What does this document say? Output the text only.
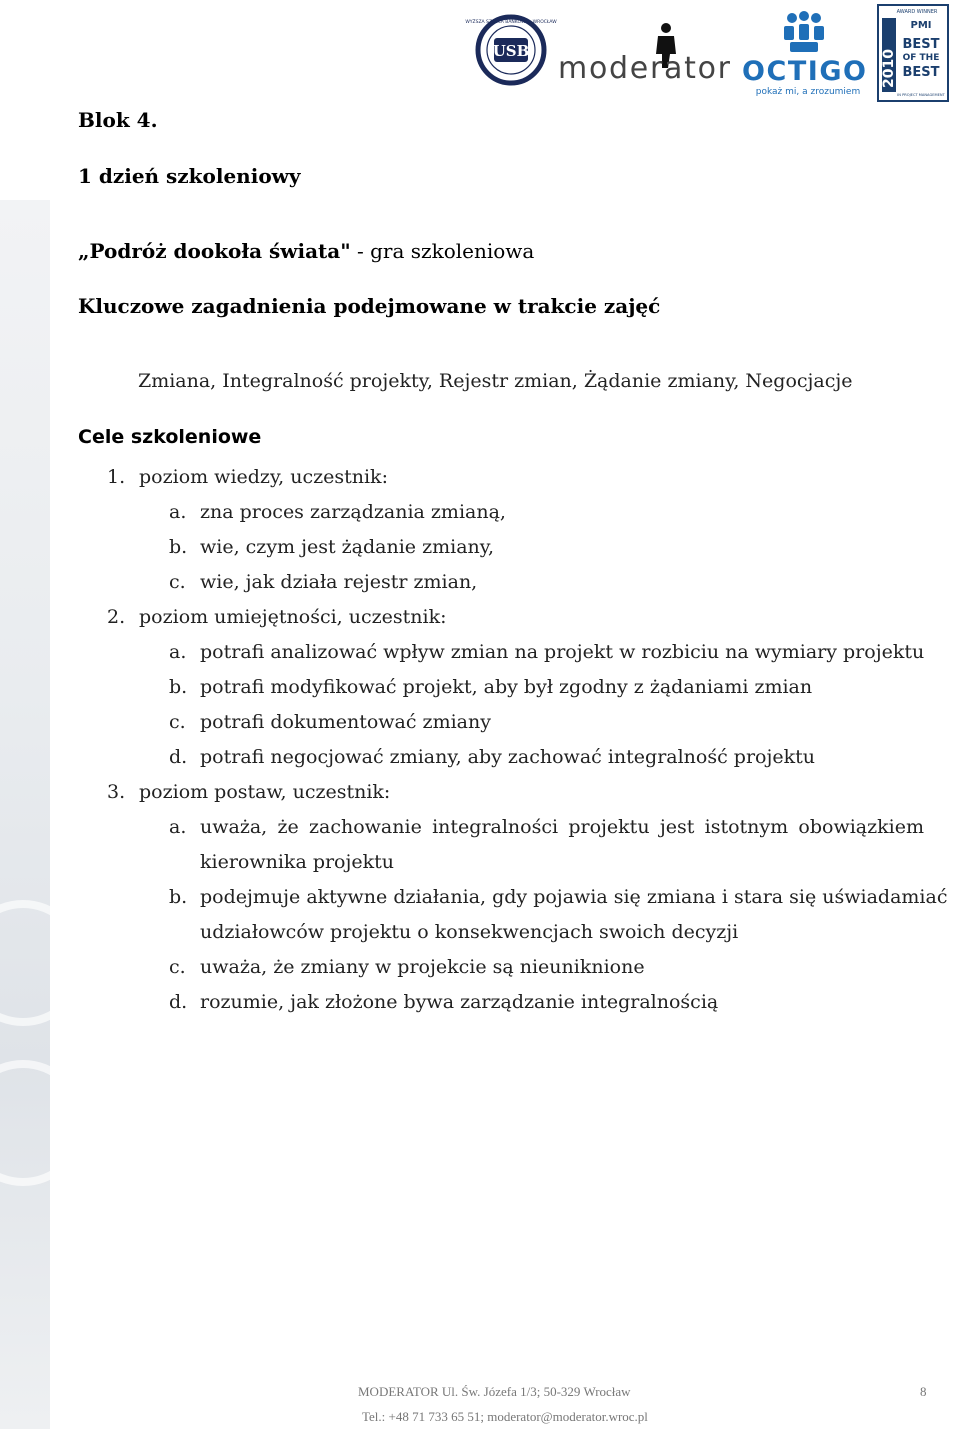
WYŻSZA SZKOŁA BANKOWA · WROCŁAW
USB moderator OCTIGO
pokaż mi, a zrozumiem
AWARD WINNER
2010
PMI
BEST
OF THE
BEST
IN PROJECT MANAGEMENT
Blok 4.
1 dzień szkoleniowy
„Podróż dookoła świata" - gra szkoleniowa
Kluczowe zagadnienia podejmowane w trakcie zajęć
Zmiana, Integralność projekty, Rejestr zmian, Żądanie zmiany, Negocjacje
Cele szkoleniowe
1. poziom wiedzy, uczestnik:
a. zna proces zarządzania zmianą,
b. wie, czym jest żądanie zmiany,
c. wie, jak działa rejestr zmian,
2. poziom umiejętności, uczestnik:
a. potrafi analizować wpływ zmian na projekt w rozbiciu na wymiary projektu
b. potrafi modyfikować projekt, aby był zgodny z żądaniami zmian
c. potrafi dokumentować zmiany
d. potrafi negocjować zmiany, aby zachować integralność projektu
3. poziom postaw, uczestnik:
a. uważa, że zachowanie integralności projektu jest istotnym obowiązkiem
kierownika projektu
b. podejmuje aktywne działania, gdy pojawia się zmiana i stara się uświadamiać
udziałowców projektu o konsekwencjach swoich decyzji
c. uważa, że zmiany w projekcie są nieuniknione
d. rozumie, jak złożone bywa zarządzanie integralnością
MODERATOR Ul. Św. Józefa 1/3; 50-329 Wrocław	8
Tel.: +48 71 733 65 51; moderator@moderator.wroc.pl
